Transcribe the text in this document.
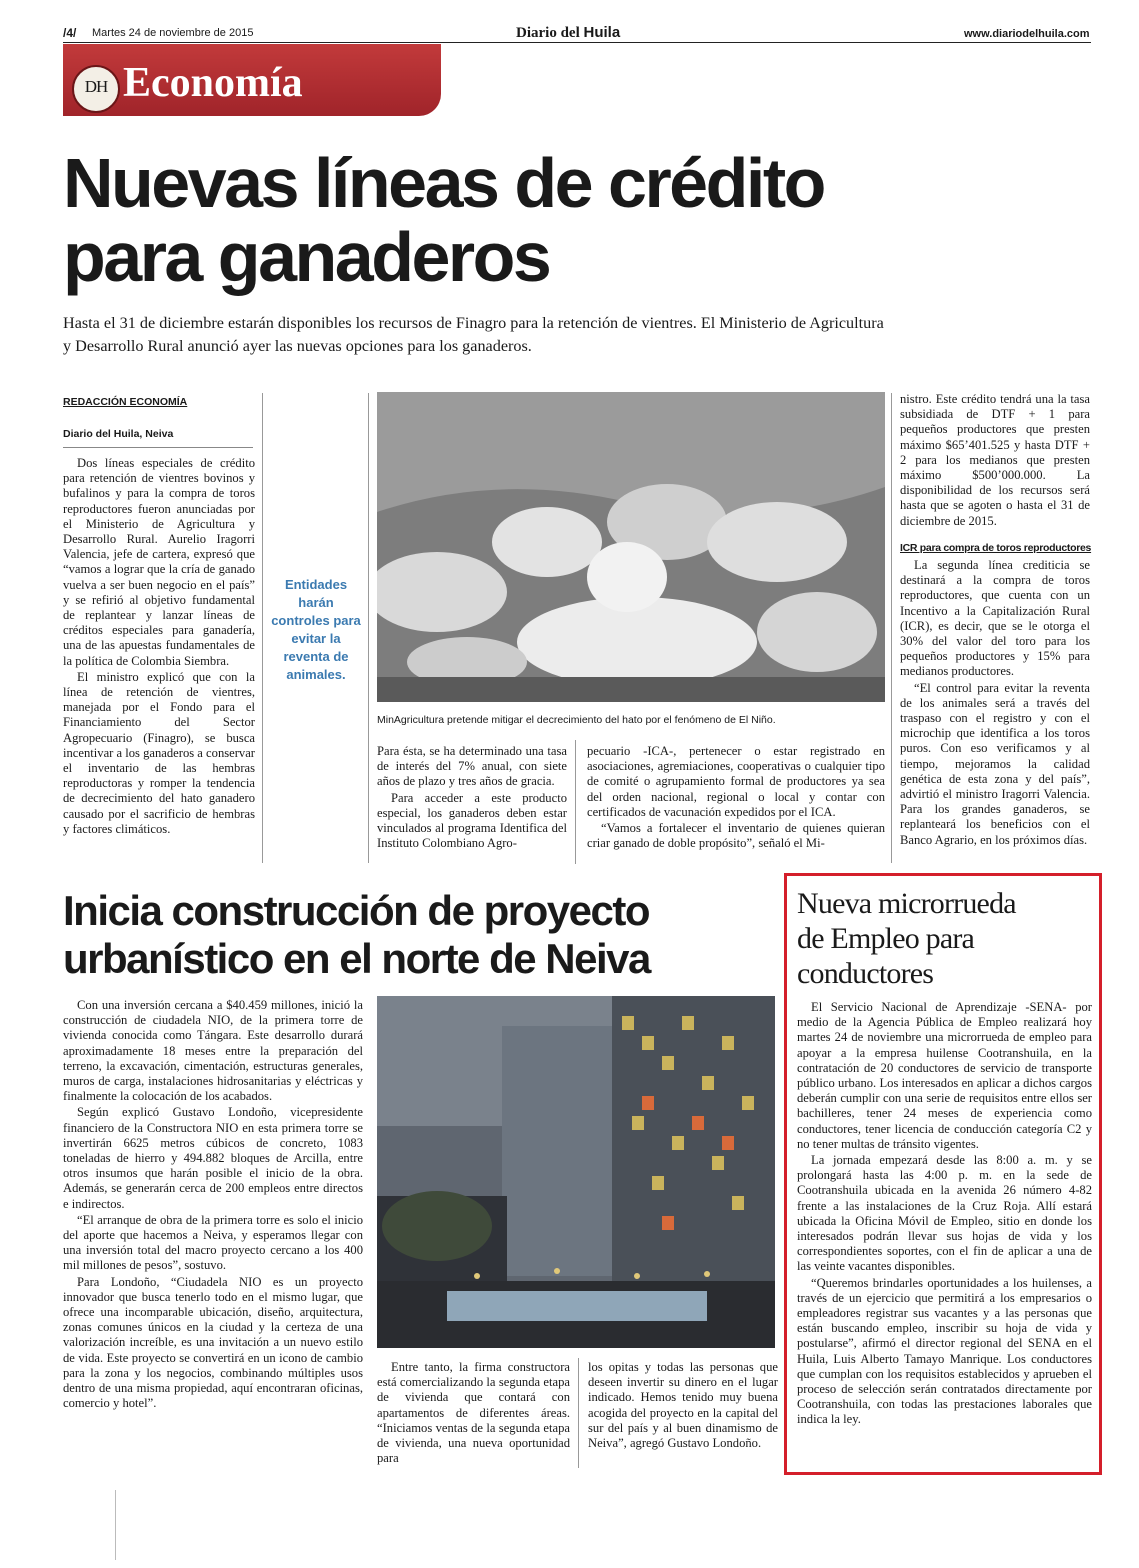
/4/ Martes 24 de noviembre de 2015	Diario del Huila	www.diariodelhuila.com
DH Economía
Nuevas líneas de crédito
para ganaderos
Hasta el 31 de diciembre estarán disponibles los recursos de Finagro para la retención de vientres. El Ministerio de Agricultura
y Desarrollo Rural anunció ayer las nuevas opciones para los ganaderos.
REDACCIÓN ECONOMÍA
Diario del Huila, Neiva

Dos líneas especiales de crédito para retención de vientres bovinos y bufalinos y para la compra de toros reproductores fueron anunciadas por el Ministerio de Agricultura y Desarrollo Rural. Aurelio Iragorri Valencia, jefe de cartera, expresó que “vamos a lograr que la cría de ganado vuelva a ser buen negocio en el país” y se refirió al objetivo fundamental de replantear y lanzar líneas de créditos especiales para ganadería, una de las apuestas fundamentales de la política de Colombia Siembra.

El ministro explicó que con la línea de retención de vientres, manejada por el Fondo para el Financiamiento del Sector Agropecuario (Finagro), se busca incentivar a los ganaderos a conservar el inventario de las hembras reproductoras y romper la tendencia de decrecimiento del hato ganadero causado por el sacrificio de hembras y factores climáticos.

Entidades harán controles para evitar la reventa de animales.
MinAgricultura pretende mitigar el decrecimiento del hato por el fenómeno de El Niño.

Para ésta, se ha determinado una tasa de interés del 7% anual, con siete años de plazo y tres años de gracia.

Para acceder a este producto especial, los ganaderos deben estar vinculados al programa Identifica del Instituto Colombiano Agro-

pecuario -ICA-, pertenecer o estar registrado en asociaciones, agremiaciones, cooperativas o cualquier tipo de comité o agrupamiento formal de productores ya sea del orden nacional, regional o local y contar con certificados de vacunación expedidos por el ICA.

“Vamos a fortalecer el inventario de quienes quieran criar ganado de doble propósito”, señaló el Mi-

nistro. Este crédito tendrá una la tasa subsidiada de DTF + 1 para pequeños productores que presten máximo $65’401.525 y hasta DTF + 2 para los medianos que presten máximo $500’000.000. La disponibilidad de los recursos será hasta que se agoten o hasta el 31 de diciembre de 2015.

ICR para compra de toros reproductores

La segunda línea crediticia se destinará a la compra de toros reproductores, que cuenta con un Incentivo a la Capitalización Rural (ICR), es decir, que se le otorga el 30% del valor del toro para los pequeños productores y 15% para medianos productores.

“El control para evitar la reventa de los animales será a través del traspaso con el registro y con el microchip que identifica a los toros puros. Con eso verificamos y al tiempo, mejoramos la calidad genética de esta zona y del país”, advirtió el ministro Iragorri Valencia. Para los grandes ganaderos, se replanteará los beneficios con el Banco Agrario, en los próximos días.

Inicia construcción de proyecto
urbanístico en el norte de Neiva

Con una inversión cercana a $40.459 millones, inició la construcción de ciudadela NIO, de la primera torre de vivienda conocida como Tángara. Este desarrollo durará aproximadamente 18 meses entre la preparación del terreno, la excavación, cimentación, estructuras generales, muros de carga, instalaciones hidrosanitarias y eléctricas y finalmente la colocación de los acabados.

Según explicó Gustavo Londoño, vicepresidente financiero de la Constructora NIO en esta primera torre se invertirán 6625 metros cúbicos de concreto, 1083 toneladas de hierro y 494.882 bloques de Arcilla, entre otros insumos que harán posible el inicio de la obra. Además, se generarán cerca de 200 empleos entre directos e indirectos.

“El arranque de obra de la primera torre es solo el inicio del aporte que hacemos a Neiva, y esperamos llegar con una inversión total del macro proyecto cercano a los 400 mil millones de pesos”, sostuvo.

Para Londoño, “Ciudadela NIO es un proyecto innovador que busca tenerlo todo en el mismo lugar, que ofrece una incomparable ubicación, diseño, arquitectura, zonas comunes únicos en la ciudad y la certeza de una valorización increíble, es una invitación a un nuevo estilo de vida. Este proyecto se convertirá en un icono de cambio para la zona y los negocios, combinando múltiples usos dentro de una misma propiedad, aquí encontraran oficinas, comercio y hotel”.

Entre tanto, la firma constructora está comercializando la segunda etapa de vivienda que contará con apartamentos de diferentes áreas. “Iniciamos ventas de la segunda etapa de vivienda, una nueva oportunidad para

los opitas y todas las personas que deseen invertir su dinero en el lugar indicado. Hemos tenido muy buena acogida del proyecto en la capital del sur del país y al buen dinamismo de Neiva”, agregó Gustavo Londoño.

Nueva microrrueda
de Empleo para
conductores

El Servicio Nacional de Aprendizaje -SENA- por medio de la Agencia Pública de Empleo realizará hoy martes 24 de noviembre una microrrueda de empleo para apoyar a la empresa huilense Cootranshuila, en la contratación de 20 conductores de servicio de transporte público urbano. Los interesados en aplicar a dichos cargos deberán cumplir con una serie de requisitos entre ellos ser bachilleres, tener 24 meses de experiencia como conductores, tener licencia de conducción categoría C2 y no tener multas de tránsito vigentes.

La jornada empezará desde las 8:00 a. m. y se prolongará hasta las 4:00 p. m. en la sede de Cootranshuila ubicada en la avenida 26 número 4-82 frente a las instalaciones de la Cruz Roja. Allí estará ubicada la Oficina Móvil de Empleo, sitio en donde los interesados podrán llevar sus hojas de vida y los correspondientes soportes, con el fin de aplicar a una de las veinte vacantes disponibles.

“Queremos brindarles oportunidades a los huilenses, a través de un ejercicio que permitirá a los empresarios o empleadores registrar sus vacantes y a las personas que están buscando empleo, inscribir su hoja de vida y postularse”, afirmó el director regional del SENA en el Huila, Luis Alberto Tamayo Manrique. Los conductores que cumplan con los requisitos establecidos y aprueben el proceso de selección serán contratados directamente por Cootranshuila, con todas las prestaciones laborales que indica la ley.
